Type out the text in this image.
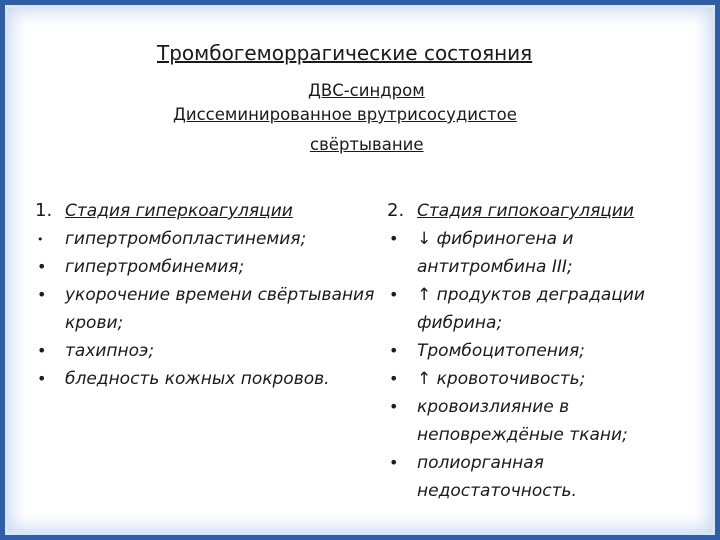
Тромбогеморрагические состояния
ДВС-синдром
Диссеминированное врутрисосудистое
свёртывание
1. Стадия гиперкоагуляции
• гипертромбопластинемия;
• гипертромбинемия;
• укорочение времени свёртывания крови;
• тахипноэ;
• бледность кожных покровов.
2. Стадия гипокоагуляции
• ↓ фибриногена и антитромбина III;
• ↑ продуктов деградации фибрина;
• Тромбоцитопения;
• ↑ кровоточивость;
• кровоизлияние в неповреждёные ткани;
• полиорганная недостаточность.
